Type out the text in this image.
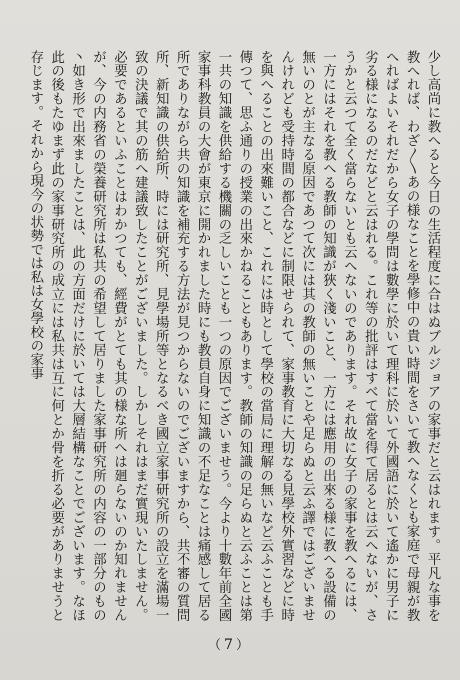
少し高尚に教へると今日の生活程度に合はぬブルジョアの家事だと云はれます。平凡な事を教へれば、わざ〳〵あの様なことを學修中の貴い時間をさいて教へなくとも家庭で母親が教へればよいそれだから女子の學問は數學に於いて理科に於いて外國語に於いて遙かに男子に劣る様になるのだなどと云はれる。これ等の批評はすべて當を得て居るとは云へないが、さうかと云つて全く當らないとも云へないのであります。それ故に女子の家事を教へるには、一方にはそれを教へる教師の知識が狹く淺いこと、一方には應用の出來る様に教へる設備の無いのとが主なる原因であつて次には其の教師の無いことや足らぬと云ふ譯ではございませんけれども受持時間の都合などに制限せられて、家事教育に大切なる見學校外實習などに時を與へることの出來難いこと、これには時として學校の當局に理解の無いなど云ふことも手傳つて、思ふ通りの授業の出來かねることもあります。教師の知識の足らぬと云ふことは第一共の知識を供給する機關の乏しいことも一つの原因でございませう。今より十數年前全國家事科教員の大會が東京に開かれました時にも教員自身に知識の不足なことは痛感して居る所でありながら共の知識を補充する方法が見つからないのでございますから、共不審の質問所、新知識の供給所、時には研究所、見學場所等となるべき國立家事研究所の設立を滿場一致の決議で其の筋へ建議致したことがございました。しかしそれはまだ實現いたしません。必要であるといふことはわかつても、經費がとても其の様な所へは廻らないのか知れませんが、今の内務省の榮養研究所は私共の希望して居りました家事研究所の内容の一部分のもの丶如き形で出來ましたことは、此の方面だけに於いては大層結構なことでございます。なほ此の後もたゆまず此の家事研究所の成立には私共は互に何とか骨を折る必要がありませうと存じます。それから現今の状勢では私は女學校の家事

（7）
